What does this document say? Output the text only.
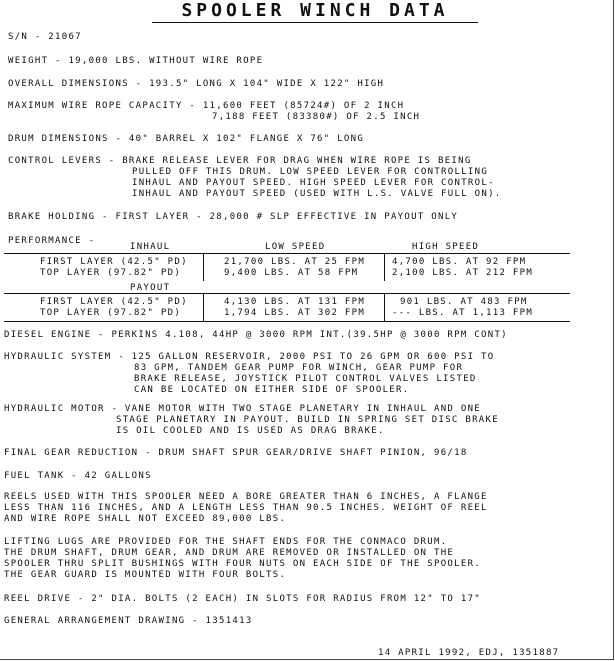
SPOOLER WINCH DATA
S/N - 21067
WEIGHT - 19,000 LBS. WITHOUT WIRE ROPE
OVERALL DIMENSIONS - 193.5" LONG X 104" WIDE X 122" HIGH
MAXIMUM WIRE ROPE CAPACITY - 11,600 FEET (85724#) OF 2 INCH
7,188 FEET (83380#) OF 2.5 INCH
DRUM DIMENSIONS - 40" BARREL X 102" FLANGE X 76" LONG
CONTROL LEVERS - BRAKE RELEASE LEVER FOR DRAG WHEN WIRE ROPE IS BEING
PULLED OFF THIS DRUM. LOW SPEED LEVER FOR CONTROLLING
INHAUL AND PAYOUT SPEED. HIGH SPEED LEVER FOR CONTROL-
INHAUL AND PAYOUT SPEED (USED WITH L.S. VALVE FULL ON).
BRAKE HOLDING - FIRST LAYER - 28,000 # SLP EFFECTIVE IN PAYOUT ONLY
PERFORMANCE -
INHAUL	LOW SPEED	HIGH SPEED
FIRST LAYER (42.5" PD)	21,700 LBS. AT 25 FPM	4,700 LBS. AT 92 FPM
TOP LAYER (97.82" PD)	9,400 LBS. AT 58 FPM	2,100 LBS. AT 212 FPM
PAYOUT
FIRST LAYER (42.5" PD)	4,130 LBS. AT 131 FPM	901 LBS. AT 483 FPM
TOP LAYER (97.82" PD)	1,794 LBS. AT 302 FPM	--- LBS. AT 1,113 FPM
DIESEL ENGINE - PERKINS 4.108, 44HP @ 3000 RPM INT.(39.5HP @ 3000 RPM CONT)
HYDRAULIC SYSTEM - 125 GALLON RESERVOIR, 2000 PSI TO 26 GPM OR 600 PSI TO
83 GPM, TANDEM GEAR PUMP FOR WINCH, GEAR PUMP FOR
BRAKE RELEASE, JOYSTICK PILOT CONTROL VALVES LISTED
CAN BE LOCATED ON EITHER SIDE OF SPOOLER.
HYDRAULIC MOTOR - VANE MOTOR WITH TWO STAGE PLANETARY IN INHAUL AND ONE
STAGE PLANETARY IN PAYOUT. BUILD IN SPRING SET DISC BRAKE
IS OIL COOLED AND IS USED AS DRAG BRAKE.
FINAL GEAR REDUCTION - DRUM SHAFT SPUR GEAR/DRIVE SHAFT PINION, 96/18
FUEL TANK - 42 GALLONS
REELS USED WITH THIS SPOOLER NEED A BORE GREATER THAN 6 INCHES, A FLANGE
LESS THAN 116 INCHES, AND A LENGTH LESS THAN 90.5 INCHES. WEIGHT OF REEL
AND WIRE ROPE SHALL NOT EXCEED 89,000 LBS.
LIFTING LUGS ARE PROVIDED FOR THE SHAFT ENDS FOR THE CONMACO DRUM.
THE DRUM SHAFT, DRUM GEAR, AND DRUM ARE REMOVED OR INSTALLED ON THE
SPOOLER THRU SPLIT BUSHINGS WITH FOUR NUTS ON EACH SIDE OF THE SPOOLER.
THE GEAR GUARD IS MOUNTED WITH FOUR BOLTS.
REEL DRIVE - 2" DIA. BOLTS (2 EACH) IN SLOTS FOR RADIUS FROM 12" TO 17"
GENERAL ARRANGEMENT DRAWING - 1351413
14 APRIL 1992, EDJ, 1351887
